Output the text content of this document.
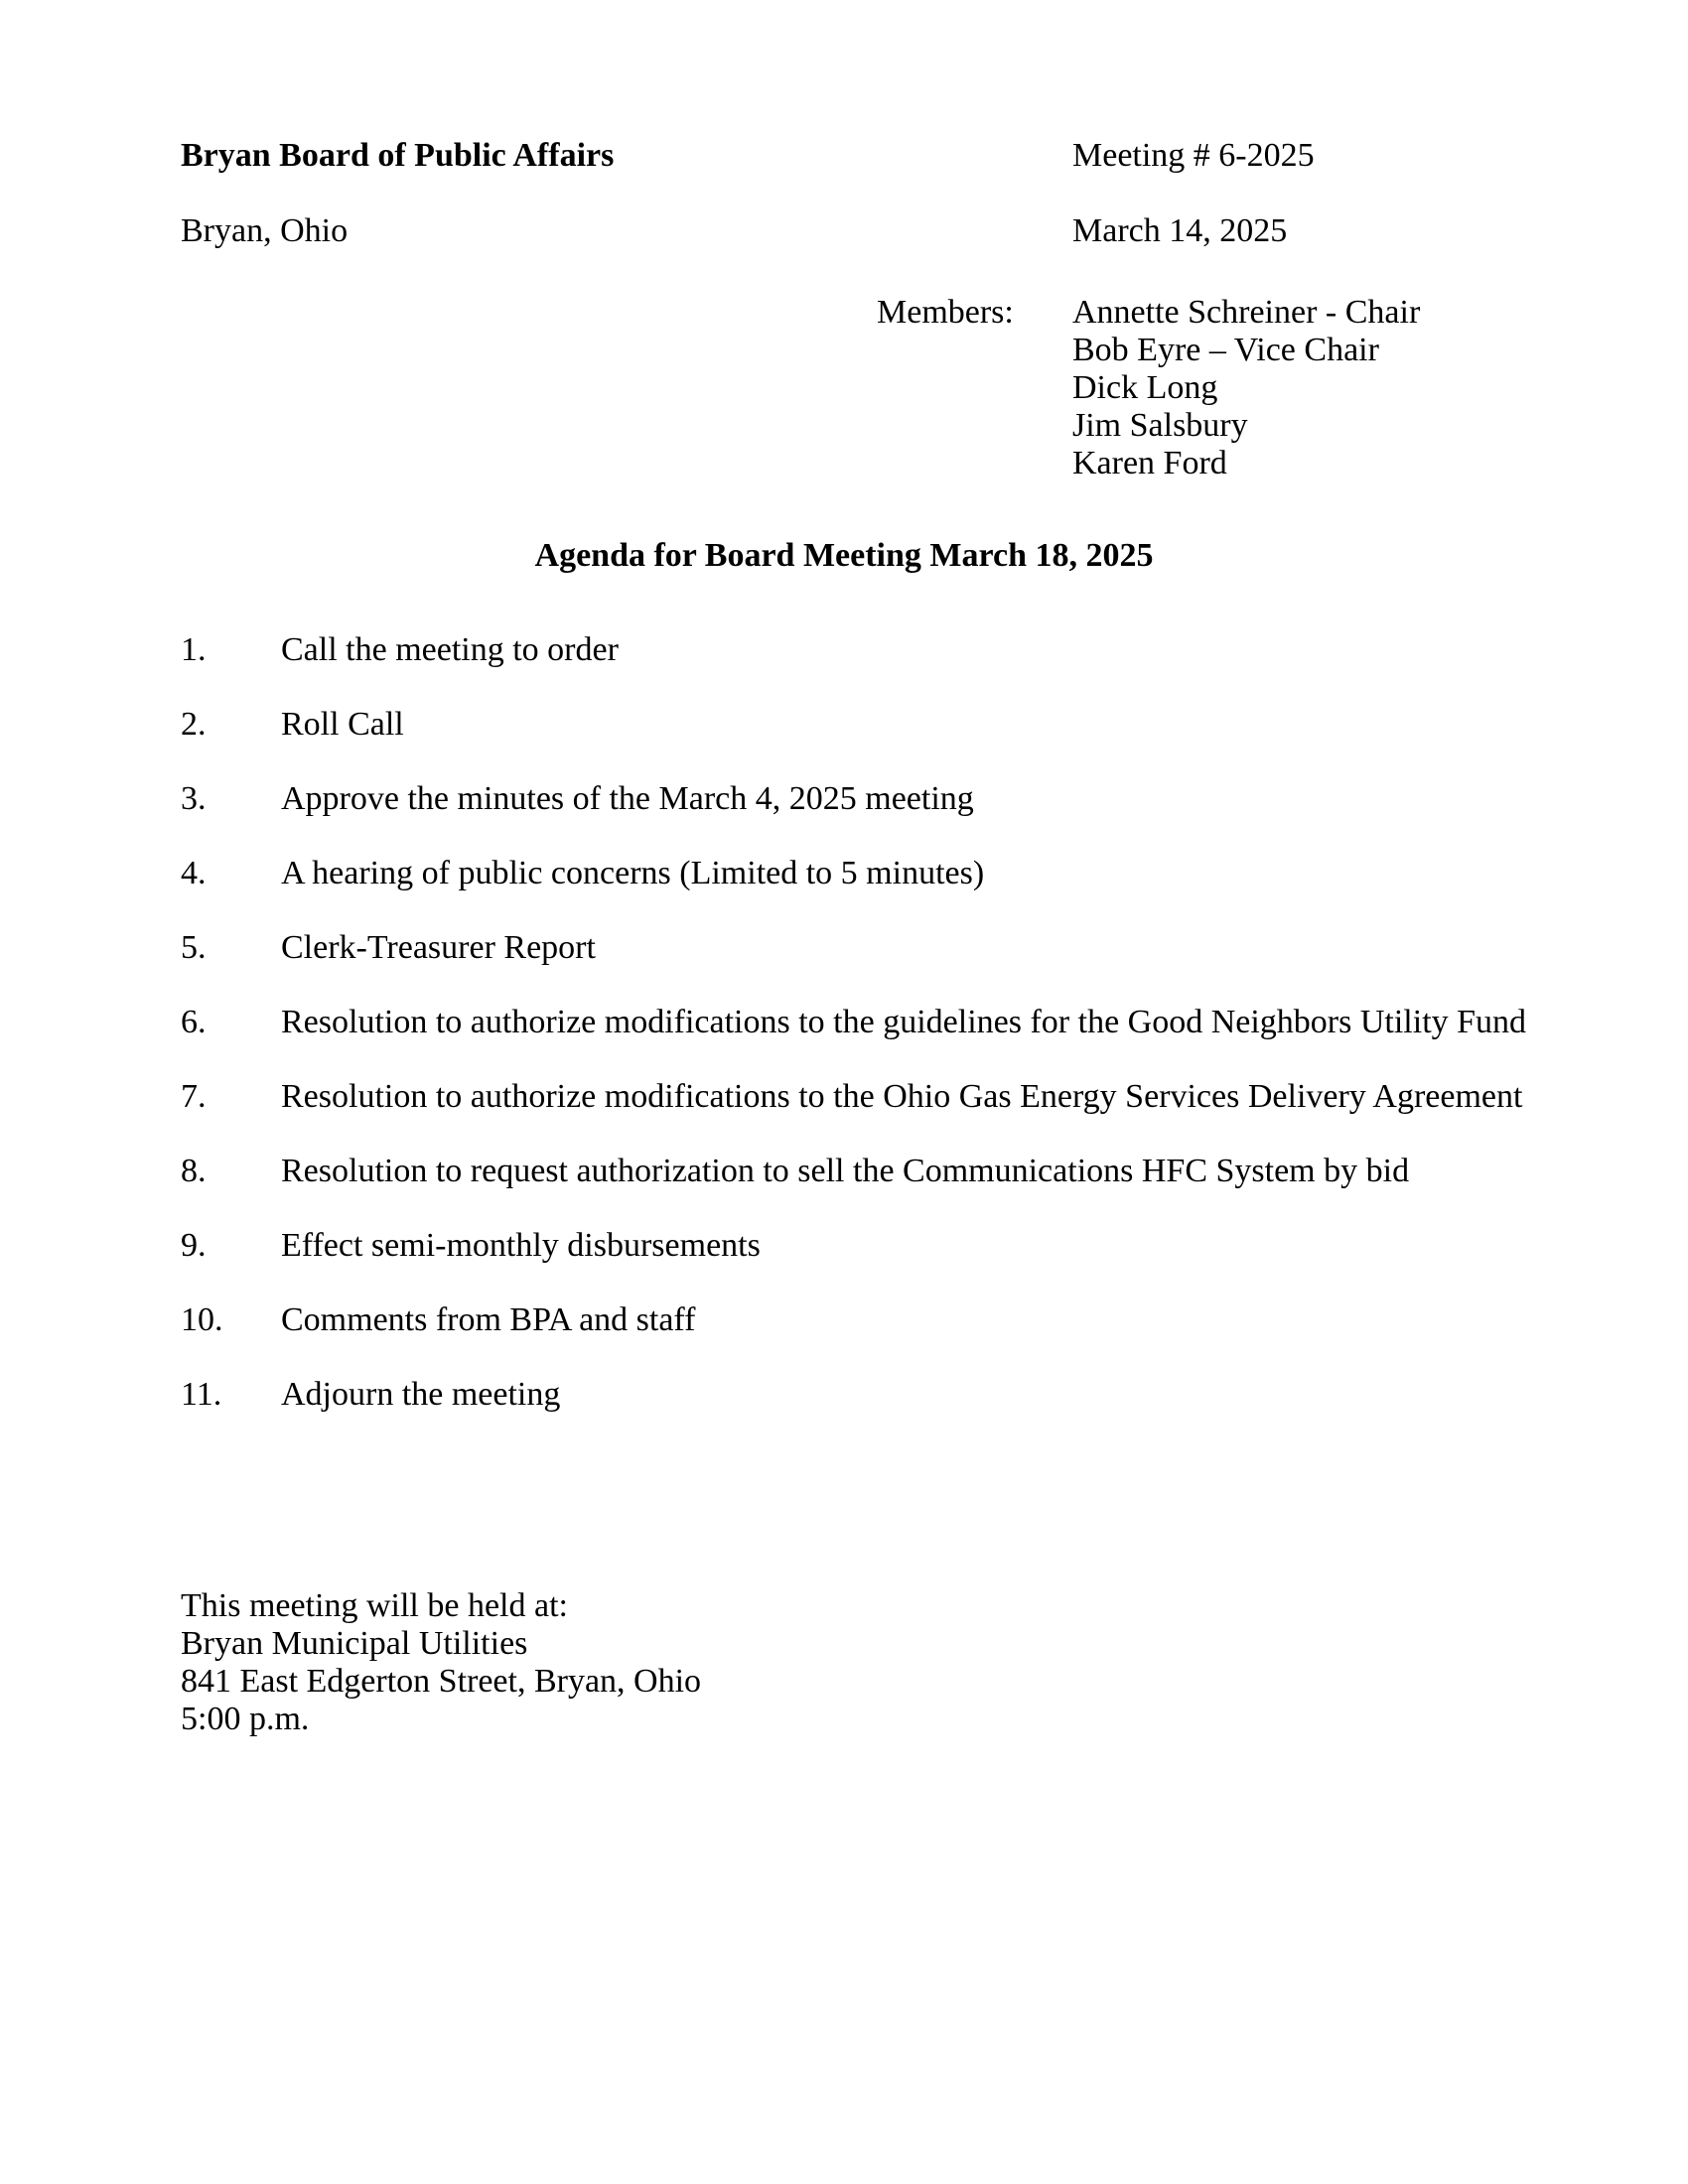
Bryan Board of Public Affairs	Meeting # 6-2025
Bryan, Ohio	March 14, 2025
Members: Annette Schreiner - Chair
Bob Eyre – Vice Chair
Dick Long
Jim Salsbury
Karen Ford
Agenda for Board Meeting March 18, 2025
1. Call the meeting to order
2. Roll Call
3. Approve the minutes of the March 4, 2025 meeting
4. A hearing of public concerns (Limited to 5 minutes)
5. Clerk-Treasurer Report
6. Resolution to authorize modifications to the guidelines for the Good Neighbors Utility Fund
7. Resolution to authorize modifications to the Ohio Gas Energy Services Delivery Agreement
8. Resolution to request authorization to sell the Communications HFC System by bid
9. Effect semi-monthly disbursements
10. Comments from BPA and staff
11. Adjourn the meeting
This meeting will be held at:
Bryan Municipal Utilities
841 East Edgerton Street, Bryan, Ohio
5:00 p.m.
